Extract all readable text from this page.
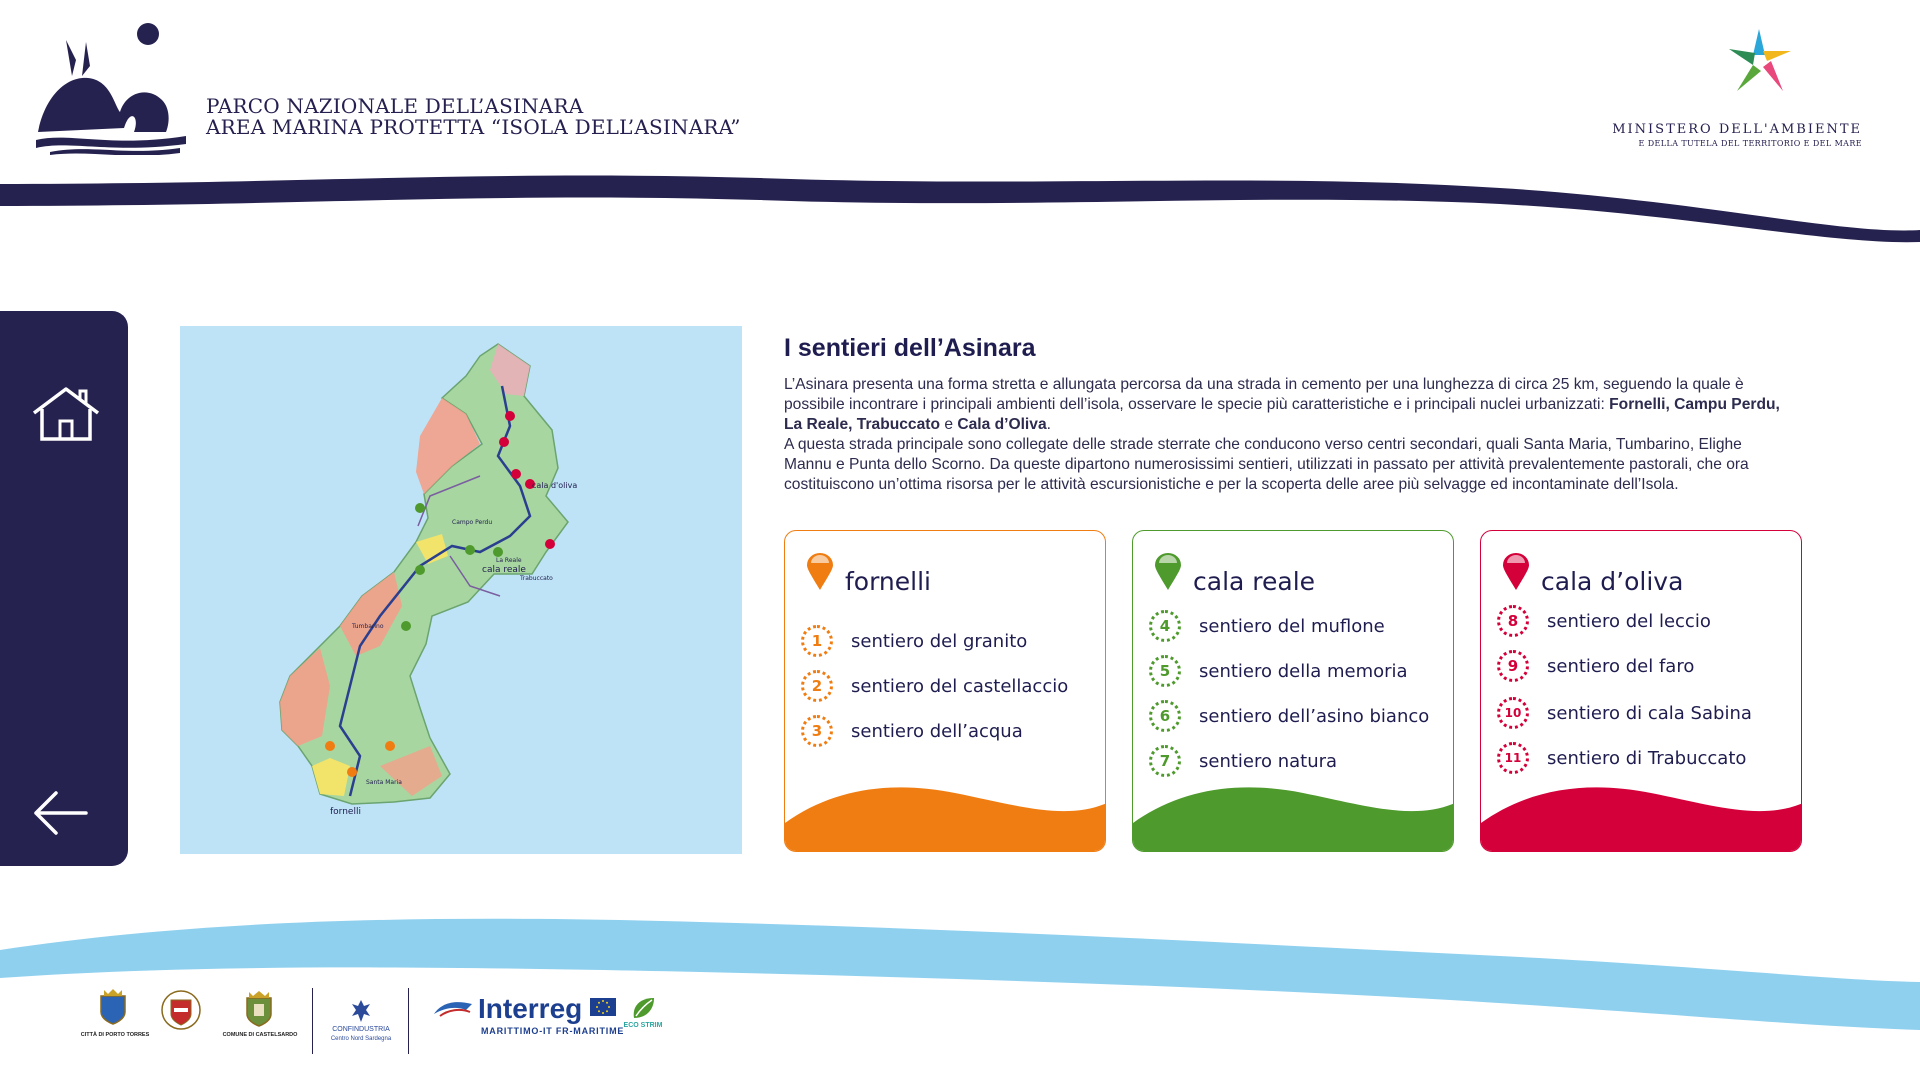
PARCO NAZIONALE DELL’ASINARA
AREA MARINA PROTETTA “ISOLA DELL’ASINARA”	MINISTERO DELL'AMBIENTE
E DELLA TUTELA DEL TERRITORIO E DEL MARE
cala d'oliva
cala reale
fornelli
Campo Perdu
La Reale
Tumbarino
Santa Maria
Trabuccato
I sentieri dell’Asinara
L’Asinara presenta una forma stretta e allungata percorsa da una strada in cemento per una lunghezza di circa 25 km, seguendo la quale è possibile incontrare i principali ambienti dell’isola, osservare le specie più caratteristiche e i principali nuclei urbanizzati: Fornelli, Campu Perdu, La Reale, Trabuccato e Cala d’Oliva.
A questa strada principale sono collegate delle strade sterrate che conducono verso centri secondari, quali Santa Maria, Tumbarino, Elighe Mannu e Punta dello Scorno. Da queste dipartono numerosissimi sentieri, utilizzati in passato per attività prevalentemente pastorali, che ora costituiscono un’ottima risorsa per le attività escursionistiche e per la scoperta delle aree più selvagge ed incontaminate dell’Isola.
fornelli
1	sentiero del granito
2	sentiero del castellaccio
3	sentiero dell’acqua
cala reale
4	sentiero del muflone
5	sentiero della memoria
6	sentiero dell’asino bianco
7	sentiero natura
cala d’oliva
8	sentiero del leccio
9	sentiero del faro
10	sentiero di cala Sabina
11	sentiero di Trabuccato
CITTÀ DI PORTO TORRES	COMUNE DI CASTELSARDO
CONFINDUSTRIA
Centro Nord Sardegna
Interreg
MARITTIMO-IT FR-MARITIME
ECO STRIM
